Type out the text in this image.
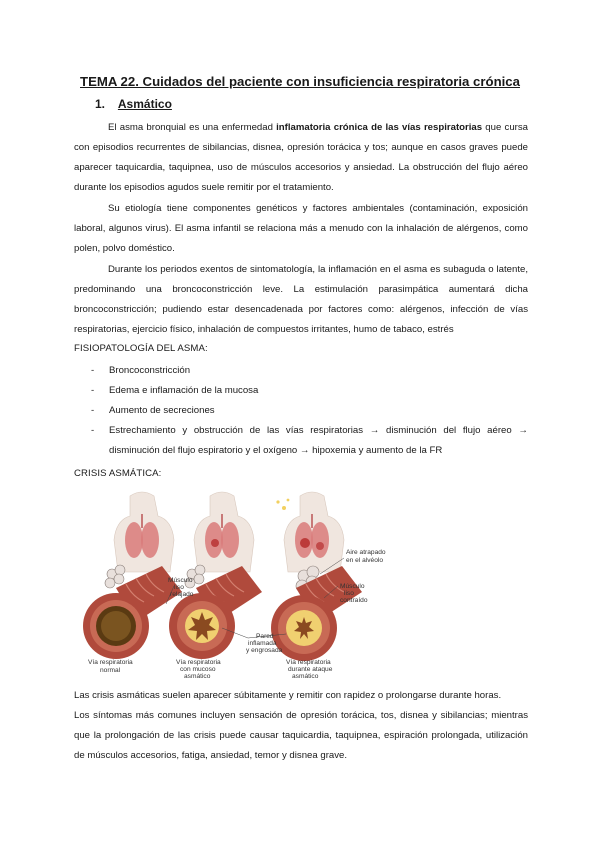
TEMA 22. Cuidados del paciente con insuficiencia respiratoria crónica
1. Asmático

El asma bronquial es una enfermedad inflamatoria crónica de las vías respiratorias que cursa con episodios recurrentes de sibilancias, disnea, opresión torácica y tos; aunque en casos graves puede aparecer taquicardia, taquipnea, uso de músculos accesorios y ansiedad. La obstrucción del flujo aéreo durante los episodios agudos suele remitir por el tratamiento.

Su etiología tiene componentes genéticos y factores ambientales (contaminación, exposición laboral, algunos virus). El asma infantil se relaciona más a menudo con la inhalación de alérgenos, como polen, polvo doméstico.

Durante los periodos exentos de sintomatología, la inflamación en el asma es subaguda o latente, predominando una broncoconstricción leve. La estimulación parasimpática aumentará dicha broncoconstricción; pudiendo estar desencadenada por factores como: alérgenos, infección de vías respiratorias, ejercicio físico, inhalación de compuestos irritantes, humo de tabaco, estrés

FISIOPATOLOGÍA DEL ASMA:
- Broncoconstricción
- Edema e inflamación de la mucosa
- Aumento de secreciones
- Estrechamiento y obstrucción de las vías respiratorias → disminución del flujo aéreo → disminución del flujo espiratorio y el oxígeno → hipoxemia y aumento de la FR
CRISIS ASMÁTICA:
Vía respiratoria
normal
Músculo
liso
relajado
Aire atrapado
en el alvéolo
Músculo
liso
contraído
Pared
inflamada
y engrosada
Vía respiratoria
con mucoso
asmático
Vía respiratoria
durante ataque
asmático

Las crisis asmáticas suelen aparecer súbitamente y remitir con rapidez o prolongarse durante horas.

Los síntomas más comunes incluyen sensación de opresión torácica, tos, disnea y sibilancias; mientras que la prolongación de las crisis puede causar taquicardia, taquipnea, espiración prolongada, utilización de músculos accesorios, fatiga, ansiedad, temor y disnea grave.
